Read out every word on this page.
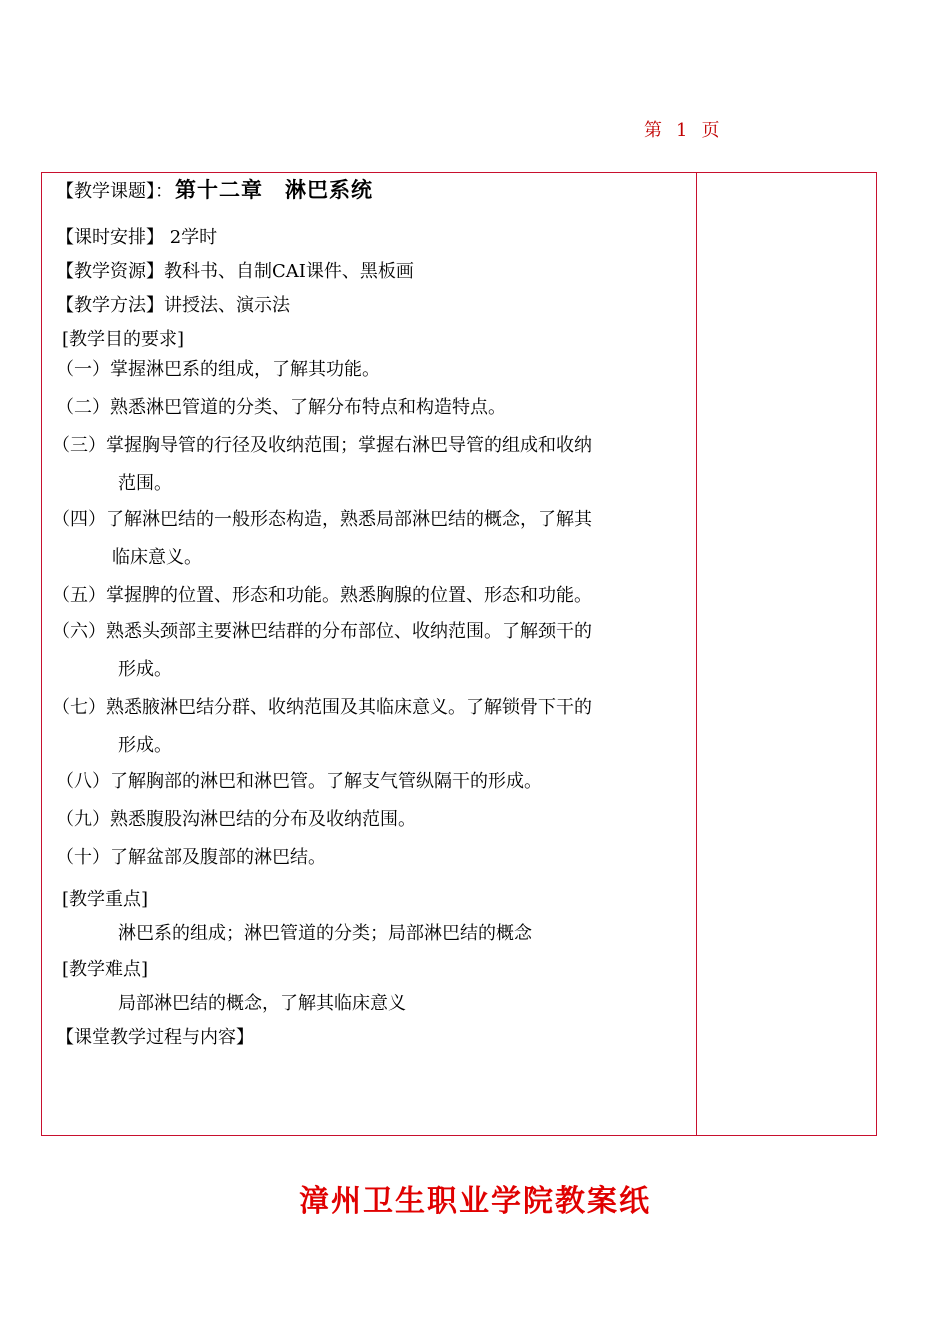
第 1 页
【教学课题】：第十二章　淋巴系统
【课时安排】 2学时
【教学资源】教科书、自制CAI课件、黑板画
【教学方法】讲授法、演示法
[教学目的要求]
（一）掌握淋巴系的组成，了解其功能。
（二）熟悉淋巴管道的分类、了解分布特点和构造特点。
（三）掌握胸导管的行径及收纳范围；掌握右淋巴导管的组成和收纳
范围。
（四）了解淋巴结的一般形态构造，熟悉局部淋巴结的概念，了解其
临床意义。
（五）掌握脾的位置、形态和功能。熟悉胸腺的位置、形态和功能。
（六）熟悉头颈部主要淋巴结群的分布部位、收纳范围。了解颈干的
形成。
（七）熟悉腋淋巴结分群、收纳范围及其临床意义。了解锁骨下干的
形成。
（八）了解胸部的淋巴和淋巴管。了解支气管纵隔干的形成。
（九）熟悉腹股沟淋巴结的分布及收纳范围。
（十）了解盆部及腹部的淋巴结。
[教学重点]
淋巴系的组成；淋巴管道的分类；局部淋巴结的概念
[教学难点]
局部淋巴结的概念，了解其临床意义
【课堂教学过程与内容】
漳州卫生职业学院教案纸
